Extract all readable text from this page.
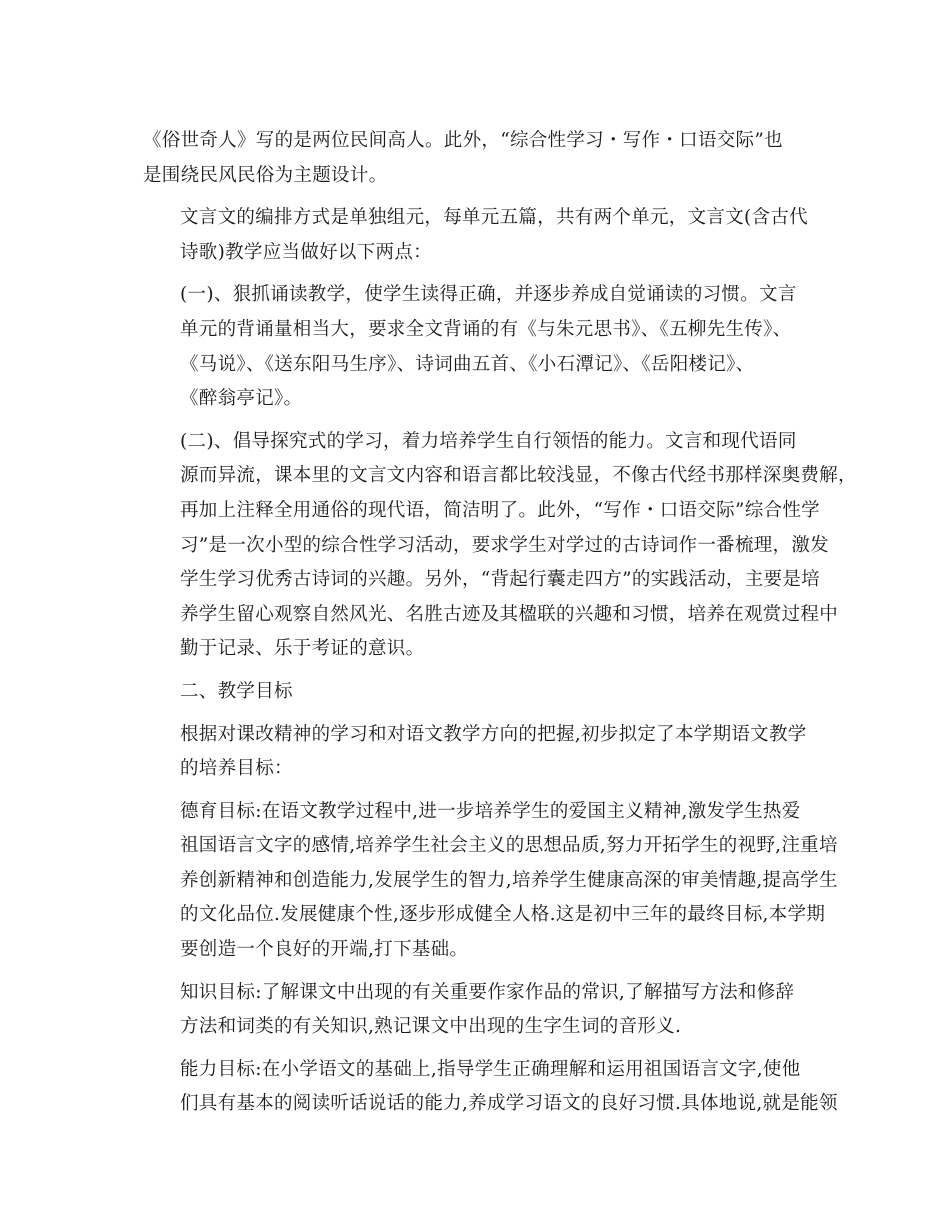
《俗世奇人》写的是两位民间高人。此外，“综合性学习・写作・口语交际”也
是围绕民风民俗为主题设计。

文言文的编排方式是单独组元，每单元五篇，共有两个单元，文言文(含古代
诗歌)教学应当做好以下两点：

(一)、狠抓诵读教学，使学生读得正确，并逐步养成自觉诵读的习惯。文言
单元的背诵量相当大，要求全文背诵的有《与朱元思书》、《五柳先生传》、
《马说》、《送东阳马生序》、诗词曲五首、《小石潭记》、《岳阳楼记》、
《醉翁亭记》。

(二)、倡导探究式的学习，着力培养学生自行领悟的能力。文言和现代语同
源而异流，课本里的文言文内容和语言都比较浅显，不像古代经书那样深奥费解，
再加上注释全用通俗的现代语，简洁明了。此外，“写作・口语交际”综合性学
习”是一次小型的综合性学习活动，要求学生对学过的古诗词作一番梳理，激发
学生学习优秀古诗词的兴趣。另外，“背起行囊走四方”的实践活动，主要是培
养学生留心观察自然风光、名胜古迹及其楹联的兴趣和习惯，培养在观赏过程中
勤于记录、乐于考证的意识。

二、教学目标

根据对课改精神的学习和对语文教学方向的把握,初步拟定了本学期语文教学
的培养目标：

德育目标:在语文教学过程中,进一步培养学生的爱国主义精神,激发学生热爱
祖国语言文字的感情,培养学生社会主义的思想品质,努力开拓学生的视野,注重培
养创新精神和创造能力,发展学生的智力,培养学生健康高深的审美情趣,提高学生
的文化品位.发展健康个性,逐步形成健全人格.这是初中三年的最终目标,本学期
要创造一个良好的开端,打下基础。

知识目标:了解课文中出现的有关重要作家作品的常识,了解描写方法和修辞
方法和词类的有关知识,熟记课文中出现的生字生词的音形义.

能力目标:在小学语文的基础上,指导学生正确理解和运用祖国语言文字,使他
们具有基本的阅读听话说话的能力,养成学习语文的良好习惯.具体地说,就是能领
